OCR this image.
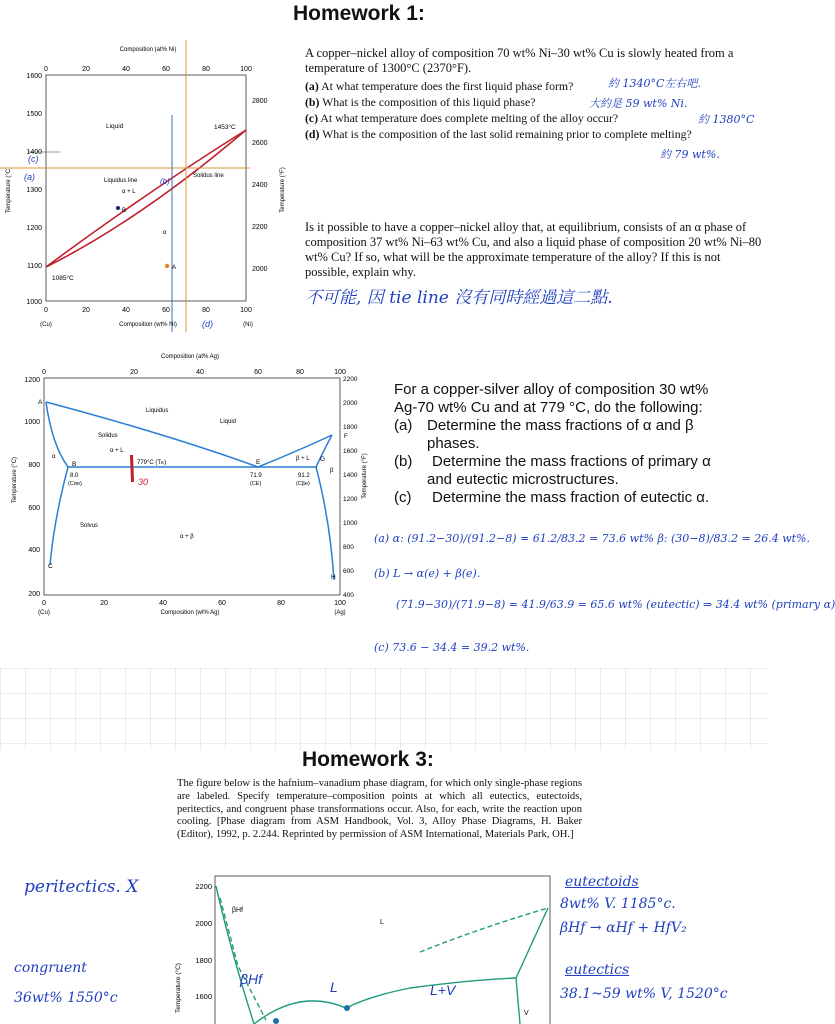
Homework 1:
Composition (at% Ni)
0	20	40	60	80	100
1600
1500
1400
1300
1200
1100
1000
2800
2600
2400
2200
2000
Temperature (°C)	Temperature (°F)
0	20	40	60	80	100
(Cu)	Composition (wt% Ni)	(Ni)
Liquid	1453°C
Liquidus line
Solidus line
α + L
α
1085°C
B
A
(c)
(a)	(b)
(d)
A copper–nickel alloy of composition 70 wt% Ni–30 wt% Cu is slowly heated from a temperature of 1300°C (2370°F).
(a) At what temperature does the first liquid phase form?
(b) What is the composition of this liquid phase?
(c) At what temperature does complete melting of the alloy occur?
(d) What is the composition of the last solid remaining prior to complete melting?
約 1340°C左右吧.
大約是 59 wt% Ni.
約 1380°C
約 79 wt%.
Is it possible to have a copper–nickel alloy that, at equilibrium, consists of an α phase of composition 37 wt% Ni–63 wt% Cu, and also a liquid phase of composition 20 wt% Ni–80 wt% Cu? If so, what will be the approximate temperature of the alloy? If this is not possible, explain why.
不可能, 因 tie line 沒有同時經過這二點.
Composition (at% Ag)
0	20	40	60	80	100
1200
1000
800
600
400
200
2200
2000
1800
1600
1400
1200
1000
800
600
400
Temperature (°C)	Temperature (°F)
0	20	40	60	80	100
(Cu)	Composition (wt% Ag)	(Ag)
A
Liquidus
Liquid
Solidus
α + L
β + L
α
β
F
779°C (TE)
B	E	G
8.0
(Cαe)
71.9
(CE)
91.2
(Cβe)
30
Solvus
α + β
C
H
For a copper-silver alloy of composition 30 wt%
Ag-70 wt% Cu and at 779 °C, do the following:
(a) Determine the mass fractions of α and β
phases.
(b)	Determine the mass fractions of primary α
and eutectic microstructures.
(c)	Determine the mass fraction of eutectic α.
(a) α: (91.2−30)/(91.2−8) = 61.2/83.2 = 73.6 wt% β: (30−8)/83.2 = 26.4 wt%.
(b) L → α(e) + β(e).
(71.9−30)/(71.9−8) = 41.9/63.9 = 65.6 wt% (eutectic) ⇒ 34.4 wt% (primary α)
(c) 73.6 − 34.4 = 39.2 wt%.
Homework 3:
The figure below is the hafnium–vanadium phase diagram, for which only single-phase regions are labeled. Specify temperature–composition points at which all eutectics, eutectoids, peritectics, and congruent phase transformations occur. Also, for each, write the reaction upon cooling. [Phase diagram from ASM Handbook, Vol. 3, Alloy Phase Diagrams, H. Baker (Editor), 1992, p. 2.244. Reprinted by permission of ASM International, Materials Park, OH.]
2200
2000
1800
1600
Temperature (°C)
βHf
L
V
βHf	L	L+V
peritectics. X
congruent
36wt% 1550°c
eutectoids
8wt% V. 1185°c.
βHf → αHf + HfV₂
eutectics
38.1~59 wt% V, 1520°c
